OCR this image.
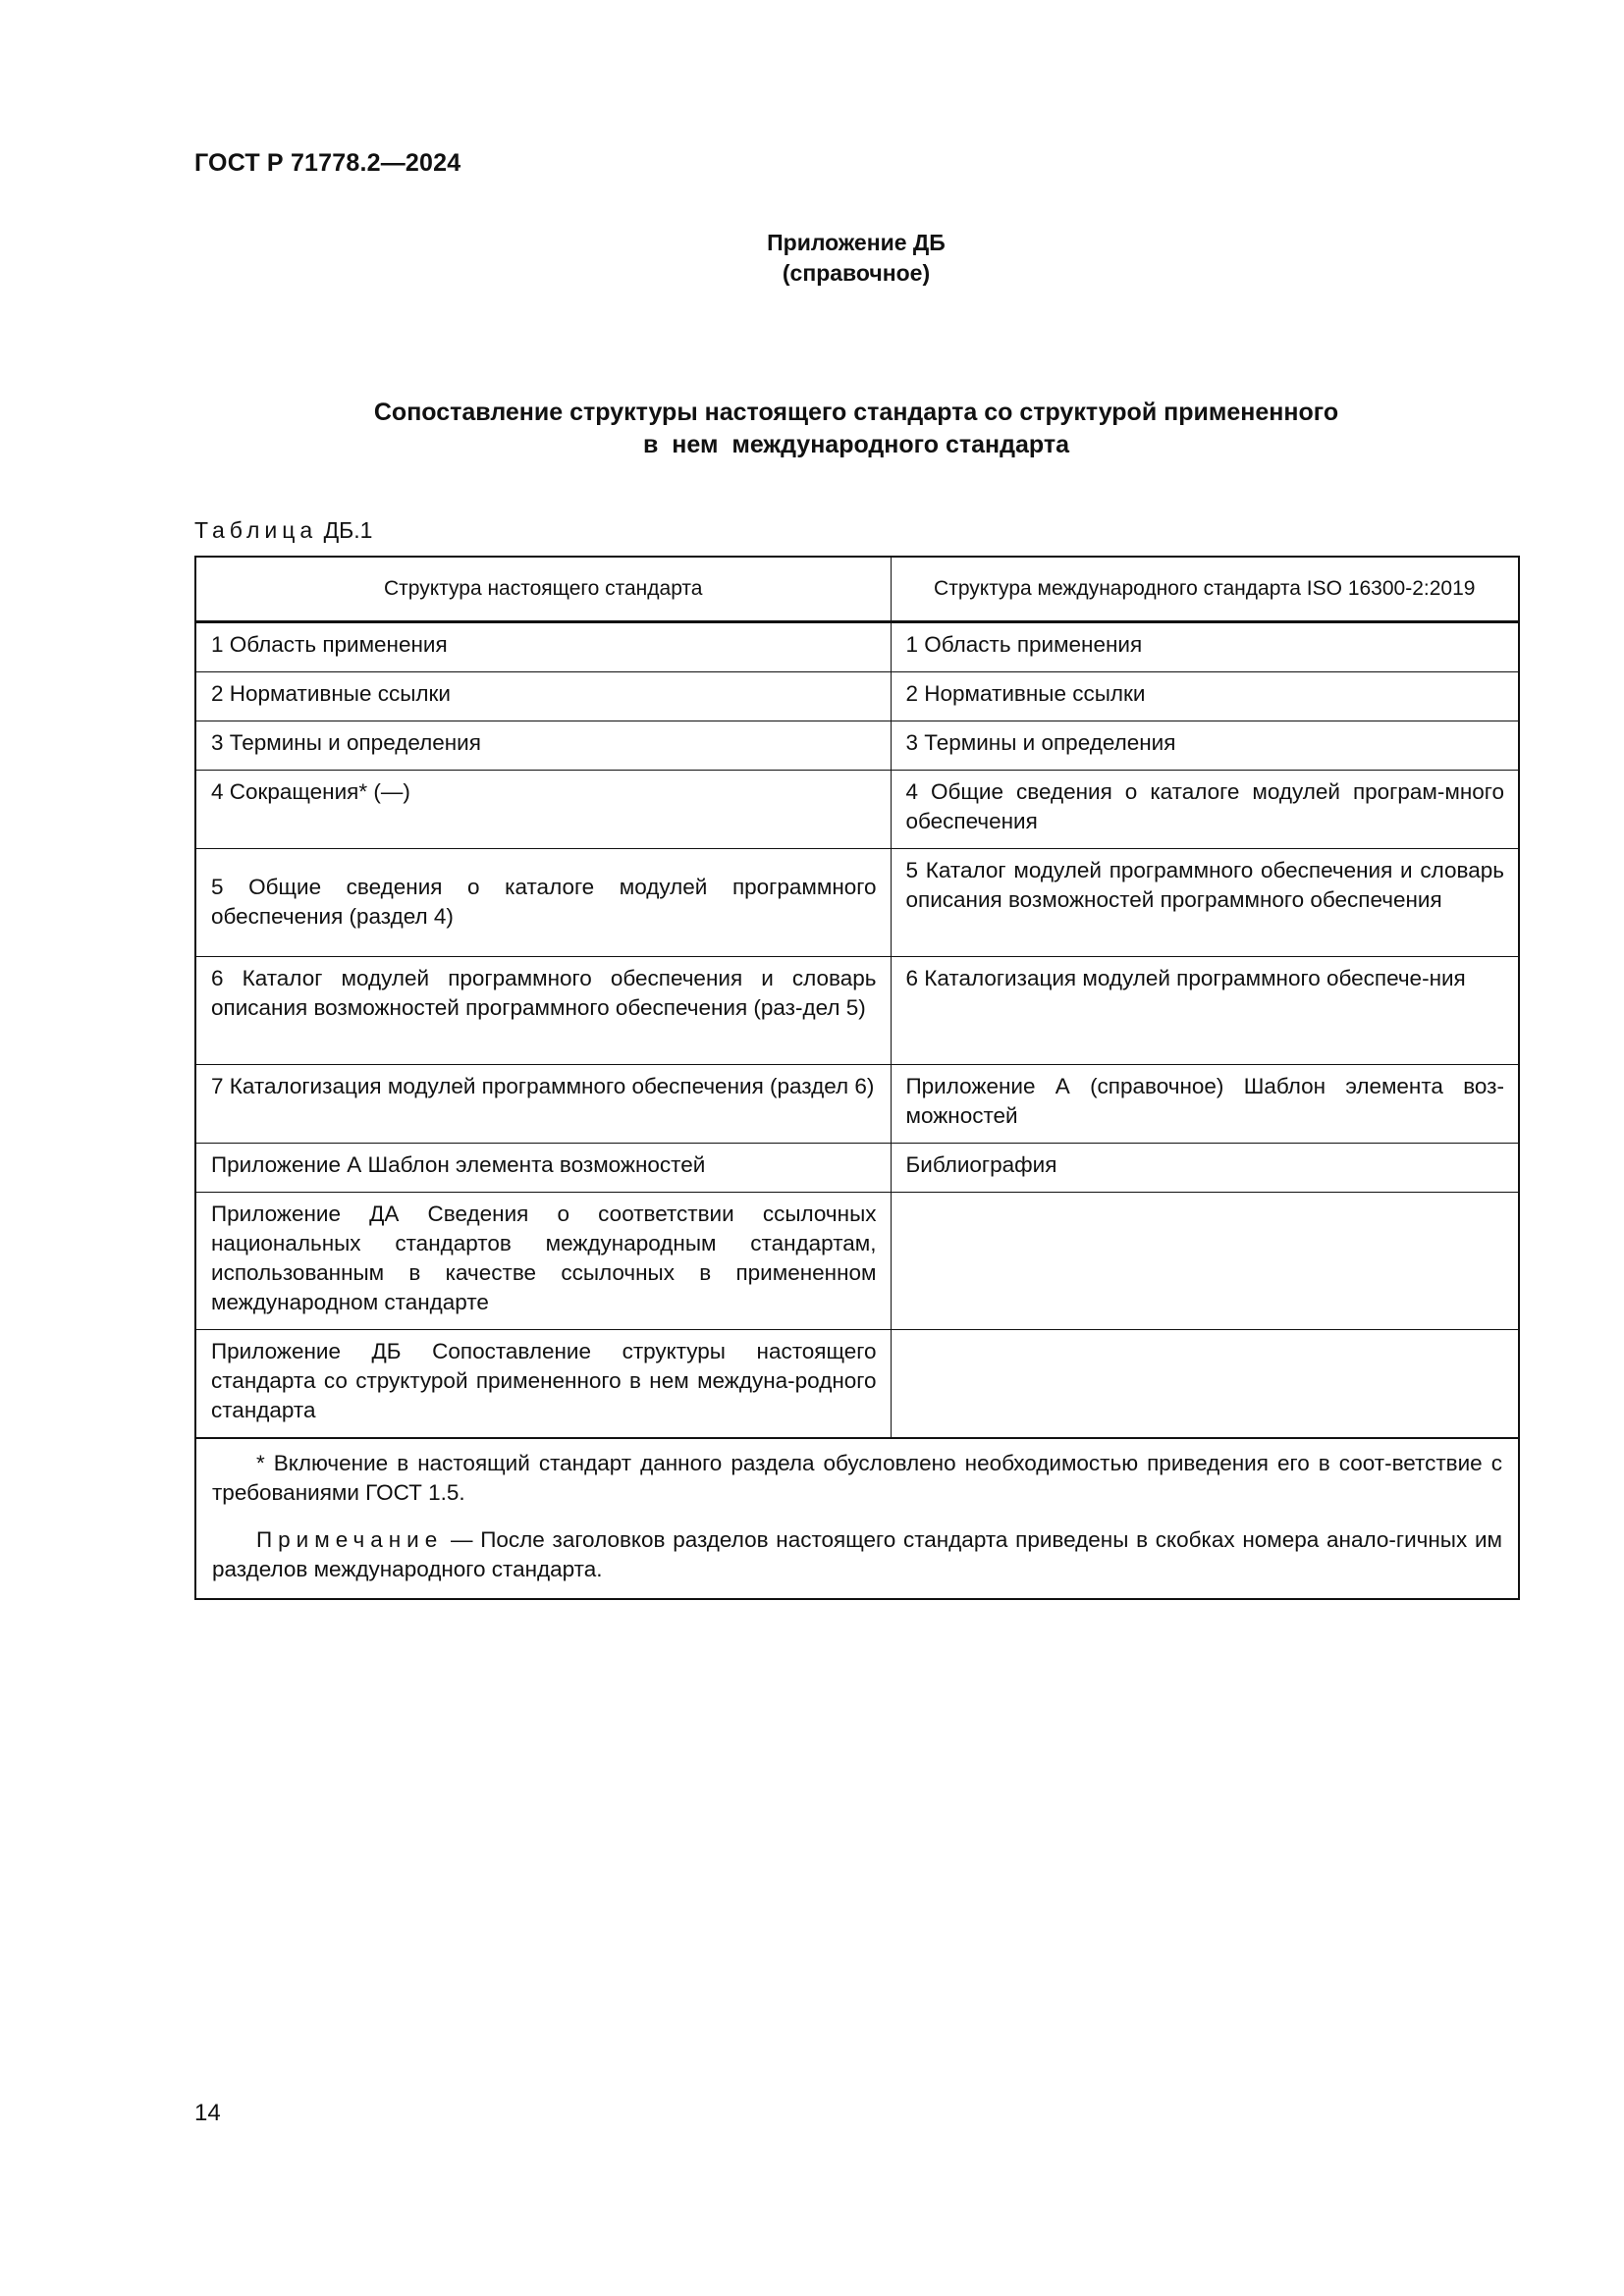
ГОСТ Р 71778.2—2024
Приложение ДБ
(справочное)
Сопоставление структуры настоящего стандарта со структурой примененного
в  нем  международного стандарта
Таблица ДБ.1
Структура настоящего стандарта	Структура международного стандарта ISO 16300-2:2019
1 Область применения	1 Область применения
2 Нормативные ссылки	2 Нормативные ссылки
3 Термины и определения	3 Термины и определения
4 Сокращения* (—)	4 Общие сведения о каталоге модулей програм-много обеспечения
5 Общие сведения о каталоге модулей программного обеспечения (раздел 4)	5 Каталог модулей программного обеспечения и словарь описания возможностей программного обеспечения
6 Каталог модулей программного обеспечения и словарь описания возможностей программного обеспечения (раз-дел 5)	6 Каталогизация модулей программного обеспече-ния
7 Каталогизация модулей программного обеспечения (раздел 6)	Приложение А (справочное) Шаблон элемента воз-можностей
Приложение А Шаблон элемента возможностей	Библиография
Приложение ДА Сведения о соответствии ссылочных национальных стандартов международным стандартам, использованным в качестве ссылочных в примененном международном стандарте	
Приложение ДБ Сопоставление структуры настоящего стандарта со структурой примененного в нем междуна-родного стандарта	

* Включение в настоящий стандарт данного раздела обусловлено необходимостью приведения его в соот-ветствие с требованиями ГОСТ 1.5.
Примечание — После заголовков разделов настоящего стандарта приведены в скобках номера анало-гичных им разделов международного стандарта.	
14
